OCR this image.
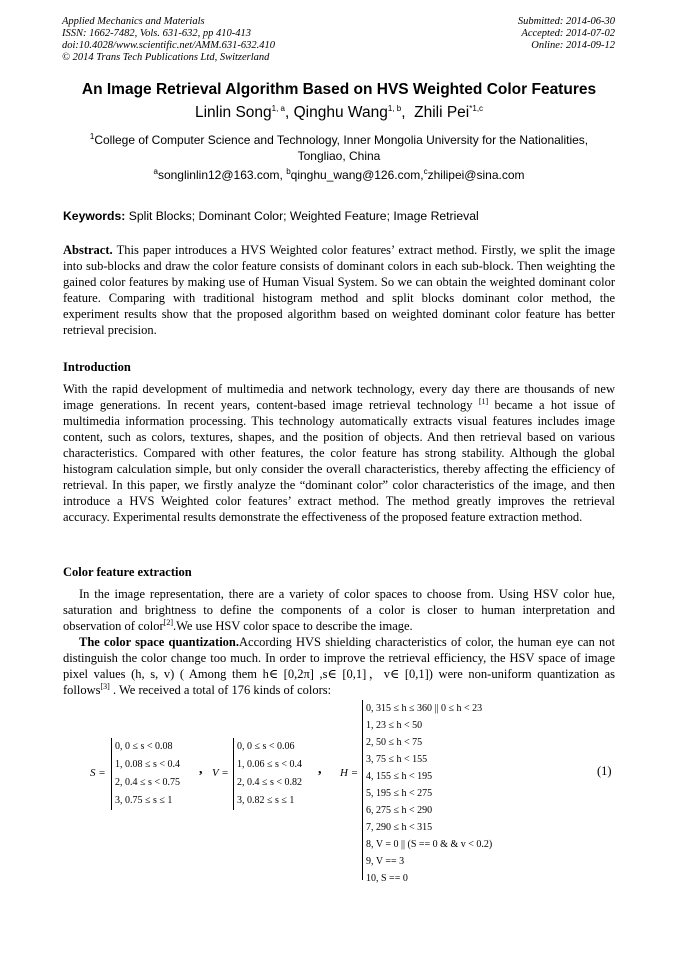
Applied Mechanics and Materials
ISSN: 1662-7482, Vols. 631-632, pp 410-413
doi:10.4028/www.scientific.net/AMM.631-632.410
© 2014 Trans Tech Publications Ltd, Switzerland
Submitted: 2014-06-30
Accepted: 2014-07-02
Online: 2014-09-12
An Image Retrieval Algorithm Based on HVS Weighted Color Features
Linlin Song$^{1, a}$, Qinghu Wang$^{1, b}$,  Zhili Pei$^{*1,c}$
$^1$College of Computer Science and Technology, Inner Mongolia University for the Nationalities, Tongliao, China
$^a$songlinlin12@163.com, $^b$qinghu_wang@126.com,$^c$zhilipei@sina.com
Keywords: Split Blocks; Dominant Color; Weighted Feature; Image Retrieval
Abstract. This paper introduces a HVS Weighted color features’ extract method. Firstly, we split the image into sub-blocks and draw the color feature consists of dominant colors in each sub-block. Then weighting the gained color features by making use of Human Visual System. So we can obtain the weighted dominant color feature. Comparing with traditional histogram method and split blocks dominant color method, the experiment results show that the proposed algorithm based on weighted dominant color feature has better retrieval precision.
Introduction
With the rapid development of multimedia and network technology, every day there are thousands of new image generations. In recent years, content-based image retrieval technology [1] became a hot issue of multimedia information processing. This technology automatically extracts visual features includes image content, such as colors, textures, shapes, and the position of objects. And then retrieval based on various characteristics. Compared with other features, the color feature has strong stability. Although the global histogram calculation simple, but only consider the overall characteristics, thereby affecting the efficiency of retrieval. In this paper, we firstly analyze the “dominant color” color characteristics of the image, and then introduce a HVS Weighted color features’ extract method. The method greatly improves the retrieval accuracy. Experimental results demonstrate the effectiveness of the proposed feature extraction method.
Color feature extraction
In the image representation, there are a variety of color spaces to choose from. Using HSV color hue, saturation and brightness to define the components of a color is closer to human interpretation and observation of color[2].We use HSV color space to describe the image.
The color space quantization.According HVS shielding characteristics of color, the human eye can not distinguish the color change too much. In order to improve the retrieval efficiency, the HSV space of image pixel values (h, s, v) ( Among them h∈ [0,2π] ,s∈ [0,1]，v∈ [0,1]) were non-uniform quantization as follows[3] . We received a total of 176 kinds of colors:
S =
0, 0 ≤ s < 0.08
1, 0.08 ≤ s < 0.4
2, 0.4 ≤ s < 0.75
3, 0.75 ≤ s ≤ 1
, V =
0, 0 ≤ s < 0.06
1, 0.06 ≤ s < 0.4
2, 0.4 ≤ s < 0.82
3, 0.82 ≤ s ≤ 1
, H =
0, 315 ≤ h ≤ 360 || 0 ≤ h < 23
1, 23 ≤ h < 50
2, 50 ≤ h < 75
3, 75 ≤ h < 155
4, 155 ≤ h < 195
5, 195 ≤ h < 275
6, 275 ≤ h < 290
7, 290 ≤ h < 315
8, V = 0 || (S == 0 & & v < 0.2)
9, V == 3
10, S == 0
(1)
